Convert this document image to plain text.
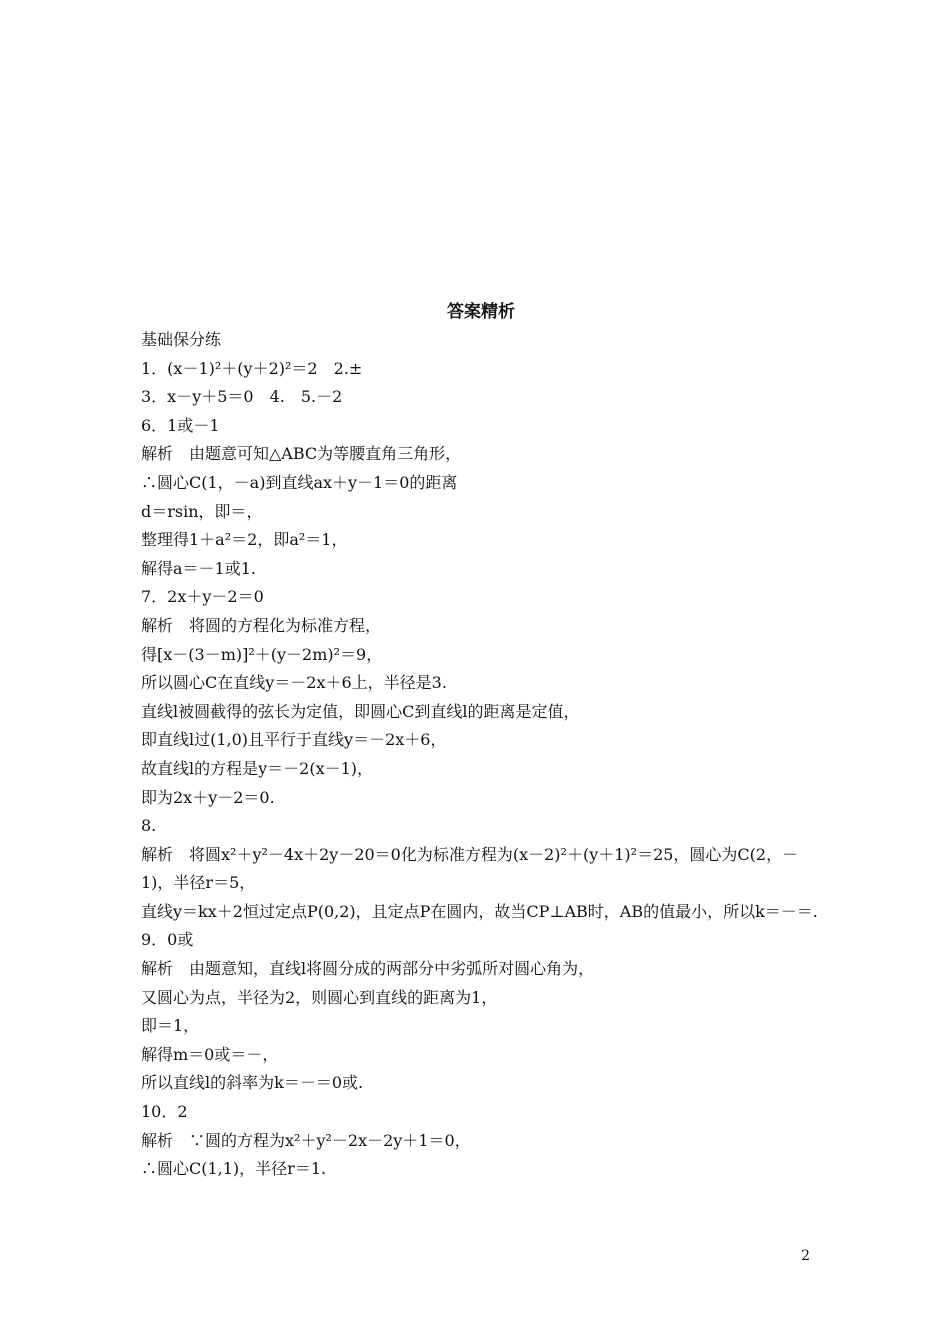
答案精析

基础保分练

1．(x－1)²＋(y＋2)²＝2　2.±

3．x－y＋5＝0　4.　5.－2

6．1或－1

解析　由题意可知△ABC为等腰直角三角形，

∴圆心C(1，－a)到直线ax＋y－1＝0的距离

d＝rsin，即＝，

整理得1＋a²＝2，即a²＝1，

解得a＝－1或1.

7．2x＋y－2＝0

解析　将圆的方程化为标准方程，

得[x－(3－m)]²＋(y－2m)²＝9，

所以圆心C在直线y＝－2x＋6上，半径是3.

直线l被圆截得的弦长为定值，即圆心C到直线l的距离是定值，

即直线l过(1,0)且平行于直线y＝－2x＋6，

故直线l的方程是y＝－2(x－1)，

即为2x＋y－2＝0.

8.

解析　将圆x²＋y²－4x＋2y－20＝0化为标准方程为(x－2)²＋(y＋1)²＝25，圆心为C(2，－1)，半径r＝5，

直线y＝kx＋2恒过定点P(0,2)，且定点P在圆内，故当CP⊥AB时，AB的值最小，所以k＝－＝.

9．0或

解析　由题意知，直线l将圆分成的两部分中劣弧所对圆心角为，

又圆心为点，半径为2，则圆心到直线的距离为1，

即＝1，

解得m＝0或＝－，

所以直线l的斜率为k＝－＝0或.

10．2

解析　∵圆的方程为x²＋y²－2x－2y＋1＝0，

∴圆心C(1,1)，半径r＝1.

2
